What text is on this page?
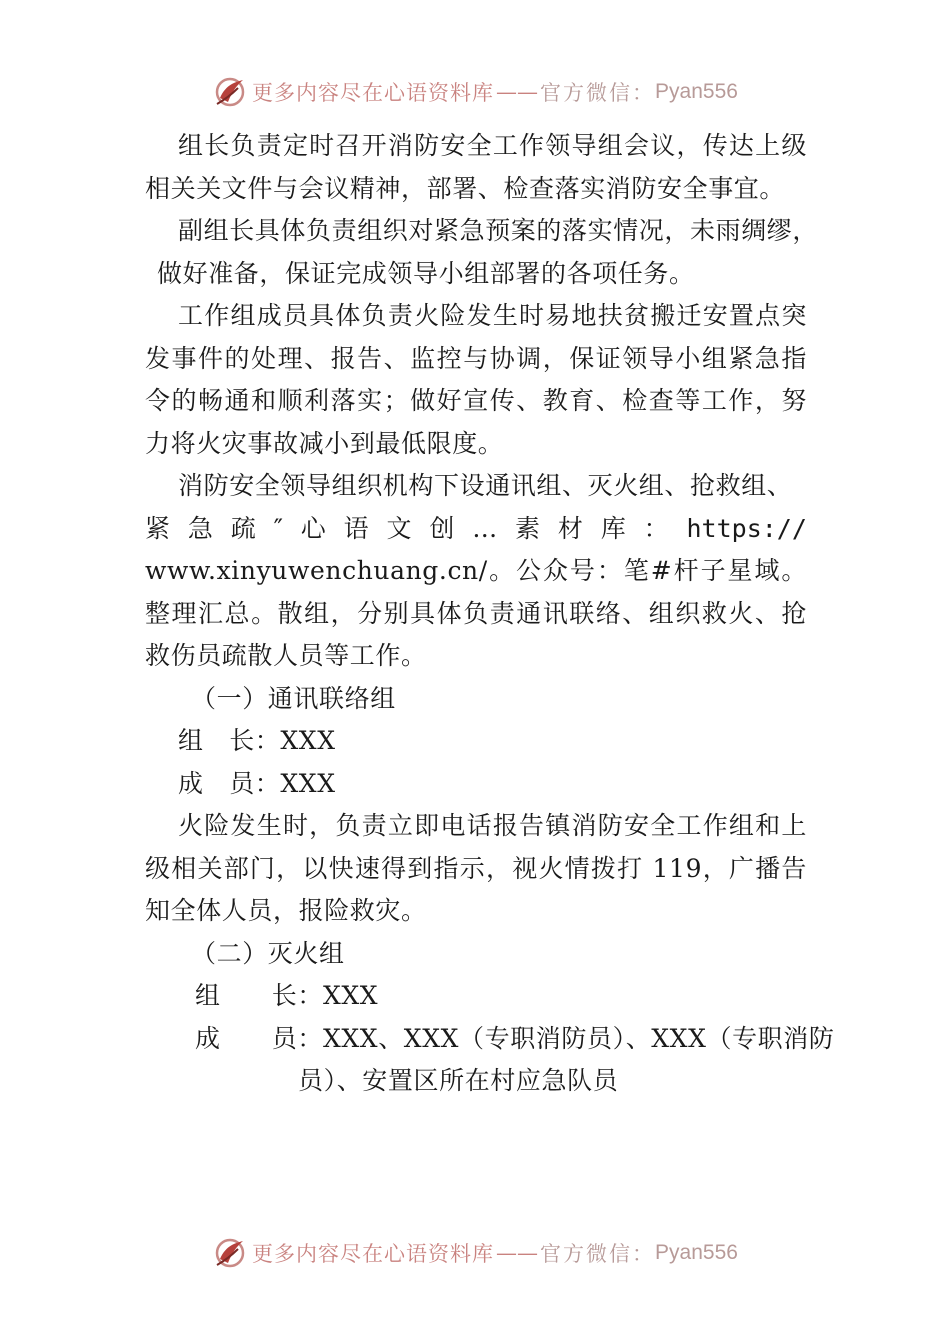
更多内容尽在心语资料库 —— 官方微信： Pyan556

组长负责定时召开消防安全工作领导组会议，传达上级相关关文件与会议精神，部署、检查落实消防安全事宜。

副组长具体负责组织对紧急预案的落实情况，未雨绸缪，

做好准备，保证完成领导小组部署的各项任务。

工作组成员具体负责火险发生时易地扶贫搬迁安置点突发事件的处理、报告、监控与协调，保证领导小组紧急指令的畅通和顺利落实；做好宣传、教育、检查等工作，努力将火灾事故减小到最低限度。

消防安全领导组织机构下设通讯组、灭火组、抢救组、

紧 急 疏 ″ 心 语 文 创 … 素 材 库 ： https://

www.xinyuwenchuang.cn/。公众号：笔#杆子星域。整理汇总。散组，分别具体负责通讯联络、组织救火、抢救伤员疏散人员等工作。

（一）通讯联络组

组　长：XXX

成　员：XXX

火险发生时，负责立即电话报告镇消防安全工作组和上级相关部门，以快速得到指示，视火情拨打 119，广播告知全体人员，报险救灾。

（二）灭火组

组　　长：XXX

成　　员：XXX、XXX（专职消防员）、XXX（专职消防

员）、安置区所在村应急队员

更多内容尽在心语资料库 —— 官方微信： Pyan556
